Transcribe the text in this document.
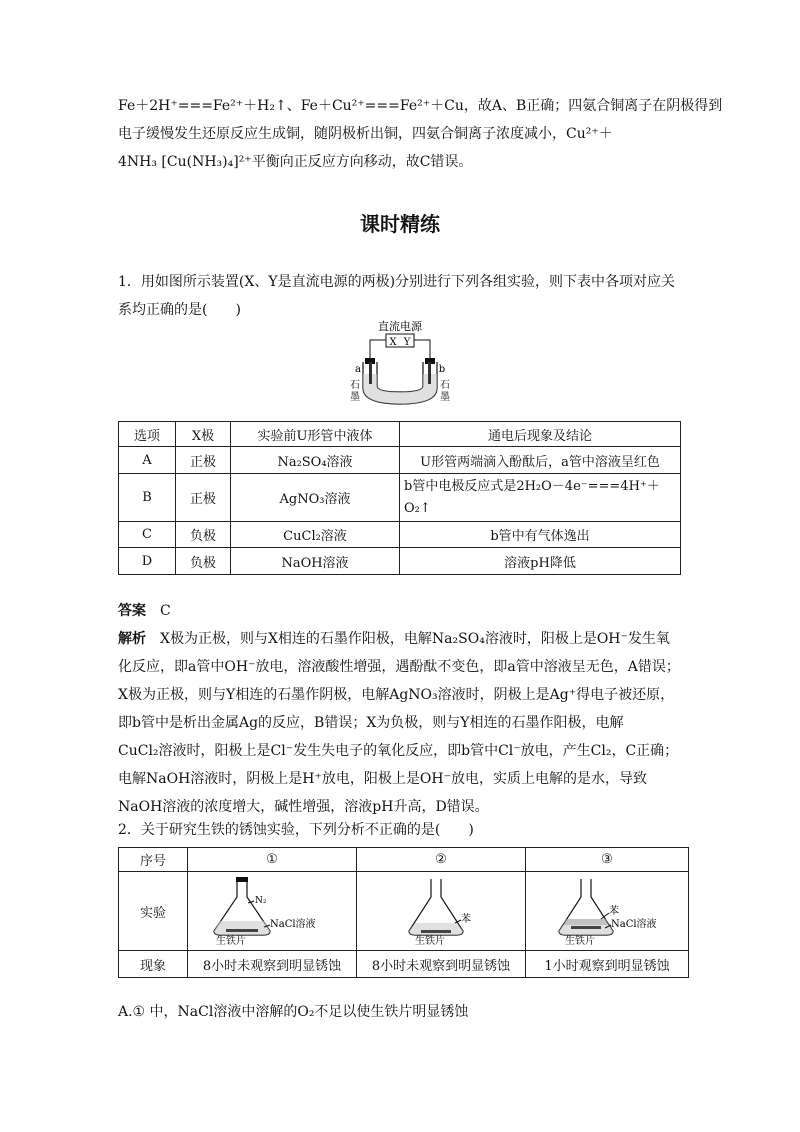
Fe＋2H⁺===Fe²⁺＋H₂↑、Fe＋Cu²⁺===Fe²⁺＋Cu，故A、B正确；四氨合铜离子在阴极得到

电子缓慢发生还原反应生成铜，随阴极析出铜，四氨合铜离子浓度减小，Cu²⁺＋

4NH₃ [Cu(NH₃)₄]²⁺平衡向正反应方向移动，故C错误。

课时精练

1．用如图所示装置(X、Y是直流电源的两极)分别进行下列各组实验，则下表中各项对应关

系均正确的是(　　)

直流电源
X Y
a	b
石
墨
石
墨
选项	X极	实验前U形管中液体	通电后现象及结论
A	正极	Na₂SO₄溶液	U形管两端滴入酚酞后，a管中溶液呈红色
B	正极	AgNO₃溶液	b管中电极反应式是2H₂O－4e⁻===4H⁺＋
O₂↑

C	负极	CuCl₂溶液	b管中有气体逸出
D	负极	NaOH溶液	溶液pH降低

答案　 C

解析　 X极为正极，则与X相连的石墨作阳极，电解Na₂SO₄溶液时，阳极上是OH⁻发生氧

化反应，即a管中OH⁻放电，溶液酸性增强，遇酚酞不变色，即a管中溶液呈无色，A错误；

X极为正极，则与Y相连的石墨作阴极，电解AgNO₃溶液时，阴极上是Ag⁺得电子被还原，

即b管中是析出金属Ag的反应，B错误；X为负极，则与Y相连的石墨作阳极，电解

CuCl₂溶液时，阳极上是Cl⁻发生失电子的氧化反应，即b管中Cl⁻放电，产生Cl₂，C正确；

电解NaOH溶液时，阴极上是H⁺放电，阳极上是OH⁻放电，实质上电解的是水，导致

NaOH溶液的浓度增大，碱性增强，溶液pH升高，D错误。

2．关于研究生铁的锈蚀实验，下列分析不正确的是(　　)

序号	①	②	③
实验	N₂
NaCl溶液
生铁片	苯
生铁片	苯
NaCl溶液
生铁片

现象	8小时未观察到明显锈蚀	8小时未观察到明显锈蚀	1小时观察到明显锈蚀

A.① 中，NaCl溶液中溶解的O₂不足以使生铁片明显锈蚀
